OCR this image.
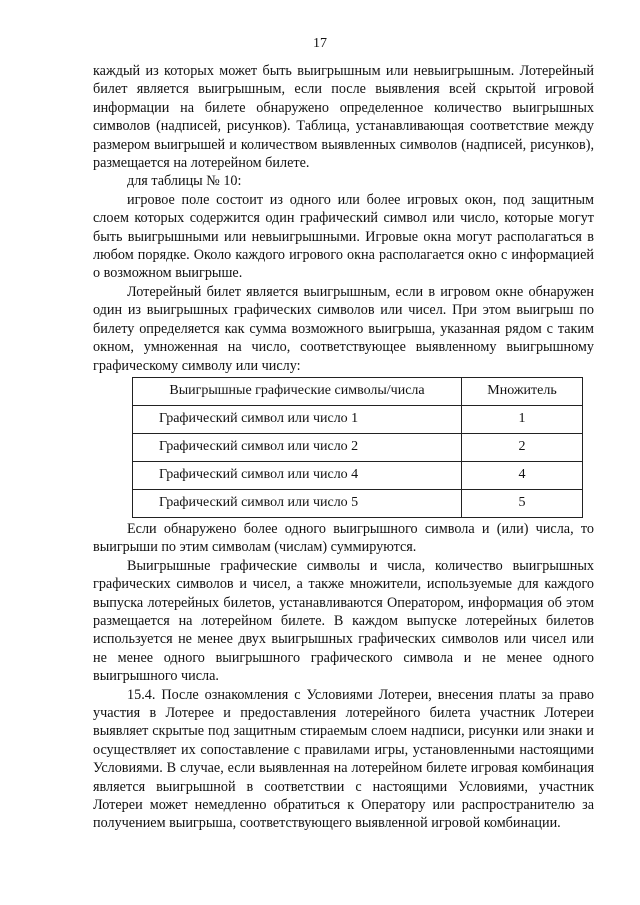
17

каждый из которых может быть выигрышным или невыигрышным. Лотерейный билет является выигрышным, если после выявления всей скрытой игровой информации на билете обнаружено определенное количество выигрышных символов (надписей, рисунков). Таблица, устанавливающая соответствие между размером выигрышей и количеством выявленных символов (надписей, рисунков), размещается на лотерейном билете.

для таблицы № 10:

игровое поле состоит из одного или более игровых окон, под защитным слоем которых содержится один графический символ или число, которые могут быть выигрышными или невыигрышными. Игровые окна могут располагаться в любом порядке. Около каждого игрового окна располагается окно с информацией о возможном выигрыше.

Лотерейный билет является выигрышным, если в игровом окне обнаружен один из выигрышных графических символов или чисел. При этом выигрыш по билету определяется как сумма возможного выигрыша, указанная рядом с таким окном, умноженная на число, соответствующее выявленному выигрышному графическому символу или числу:

Выигрышные графические символы/числа	Множитель
Графический символ или число 1	1
Графический символ или число 2	2
Графический символ или число 4	4
Графический символ или число 5	5

Если обнаружено более одного выигрышного символа и (или) числа, то выигрыши по этим символам (числам) суммируются.

Выигрышные графические символы и числа, количество выигрышных графических символов и чисел, а также множители, используемые для каждого выпуска лотерейных билетов, устанавливаются Оператором, информация об этом размещается на лотерейном билете. В каждом выпуске лотерейных билетов используется не менее двух выигрышных графических символов или чисел или не менее одного выигрышного графического символа и не менее одного выигрышного числа.

15.4. После ознакомления с Условиями Лотереи, внесения платы за право участия в Лотерее и предоставления лотерейного билета участник Лотереи выявляет скрытые под защитным стираемым слоем надписи, рисунки или знаки и осуществляет их сопоставление с правилами игры, установленными настоящими Условиями. В случае, если выявленная на лотерейном билете игровая комбинация является выигрышной в соответствии с настоящими Условиями, участник Лотереи может немедленно обратиться к Оператору или распространителю за получением выигрыша, соответствующего выявленной игровой комбинации.
